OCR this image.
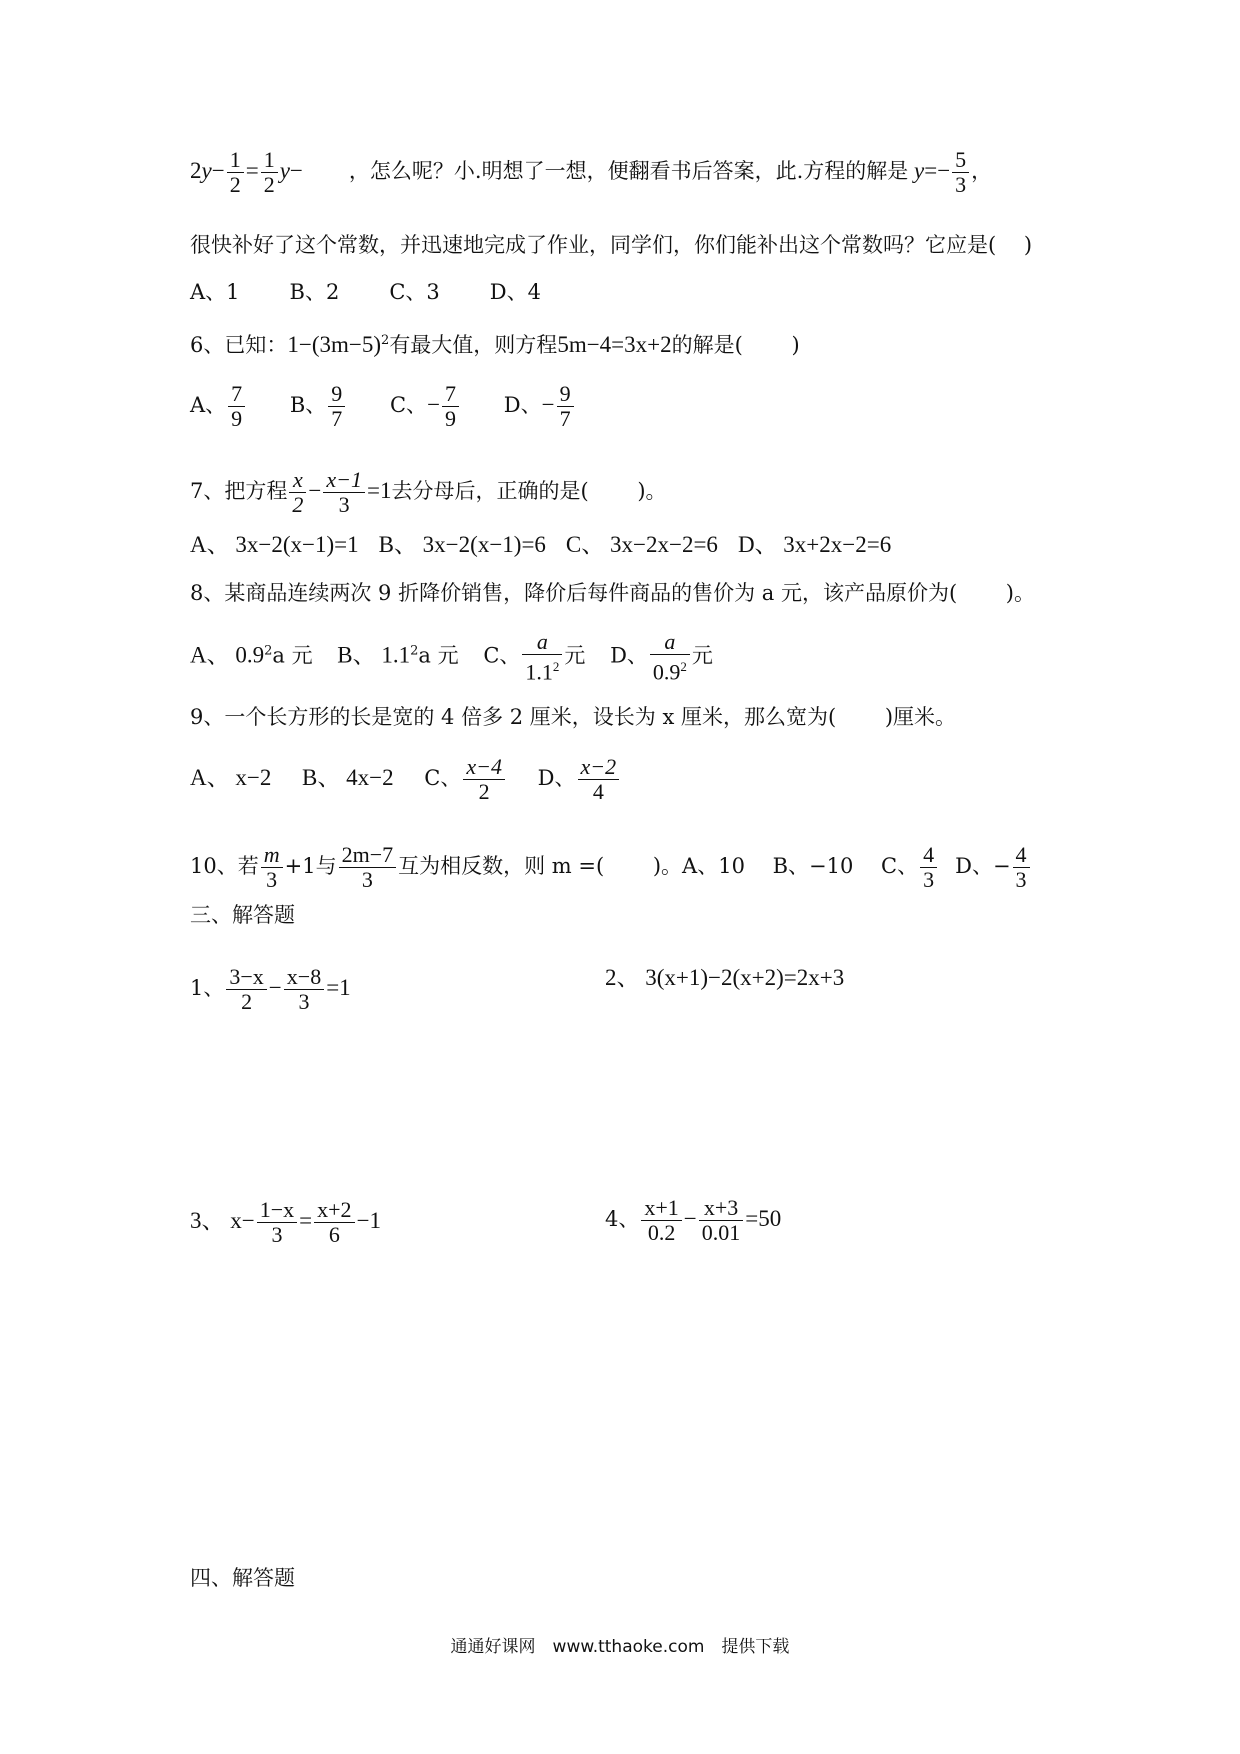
$2y- \frac{1}{2} = \frac{1}{2} y-$ ，怎么呢？小.明想了一想，便翻看书后答案，此.方程的解是 $y=- \frac{5}{3}$ ，
很快补好了这个常数，并迅速地完成了作业，同学们，你们能补出这个常数吗？它应是(　 )
A、1 B、2 C、3 D、4
6、已知：$1-(3m-5)^2$有最大值，则方程5m−4=3x+2的解是(　　 )
A、 $\frac{7}{9}$ B、 $\frac{9}{7}$ C、− $\frac{7}{9}$ D、− $\frac{9}{7}$
7、把方程 $\frac{x}{2} - \frac{x-1}{3} =1$去分母后，正确的是(　　 )。
A、 3x−2(x−1)=1 B、 3x−2(x−1)=6 C、 3x−2x−2=6 D、 3x+2x−2=6
8、某商品连续两次 9 折降价销售，降价后每件商品的售价为 a 元，该产品原价为(　　 )。
A、 $0.9^2a$ 元 B、 $1.1^2a$ 元 C、 $\frac{a}{1.1^2}$ 元 D、 $\frac{a}{0.9^2}$ 元
9、一个长方形的长是宽的 4 倍多 2 厘米，设长为 x 厘米，那么宽为(　　 )厘米。
A、 x−2 B、 4x−2 C、 $\frac{x-4}{2}$ D、 $\frac{x-2}{4}$
10、若 $\frac{m}{3} +1$与 $\frac{2m-7}{3}$ 互为相反数，则 m =(　　 )。A、10　 B、−10　 C、 $\frac{4}{3}$ D、− $\frac{4}{3}$
三、解答题
1、 $\frac{3-x}{2} - \frac{x-8}{3} =1$	2、 3(x+1)−2(x+2)=2x+3
3、 $x- \frac{1-x}{3} = \frac{x+2}{6} -1$	4、 $\frac{x+1}{0.2} - \frac{x+3}{0.01} =50$
四、解答题
通通好课网　www.tthaoke.com　提供下载
